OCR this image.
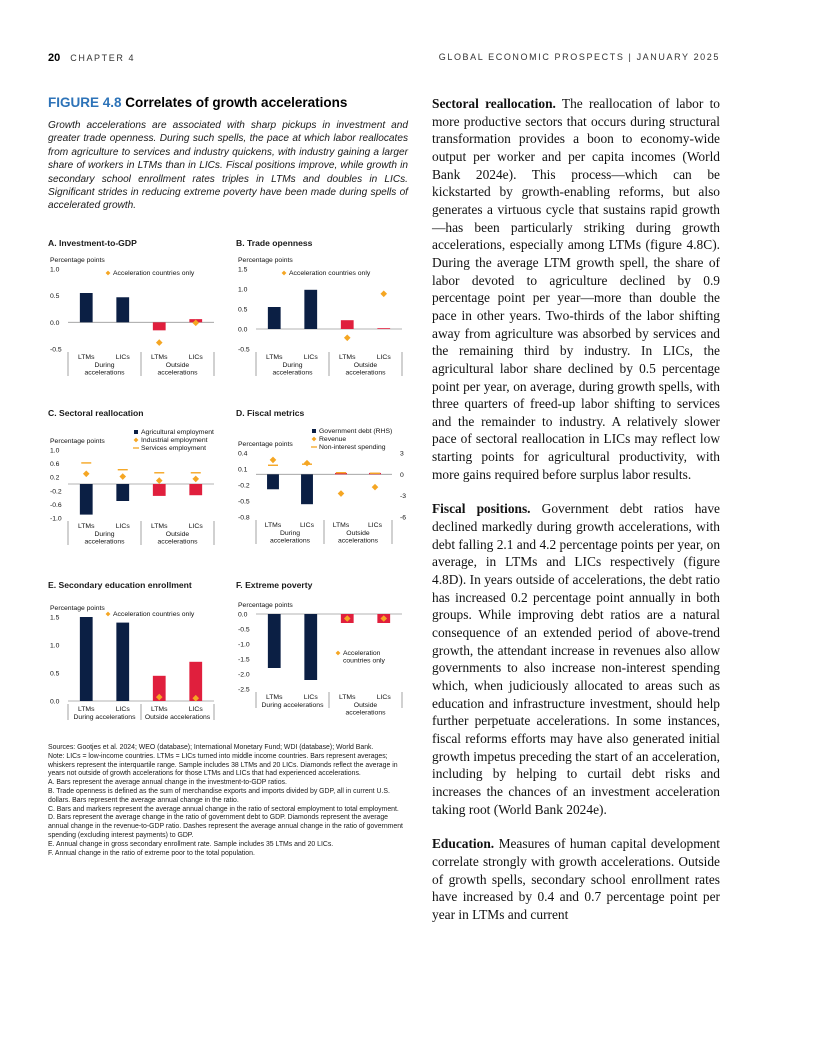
20 CHAPTER 4	GLOBAL ECONOMIC PROSPECTS | JANUARY 2025
FIGURE 4.8 Correlates of growth accelerations
Growth accelerations are associated with sharp pickups in investment and greater trade openness. During such spells, the pace at which labor reallocates from agriculture to services and industry quickens, with industry gaining a larger share of workers in LTMs than in LICs. Fiscal positions improve, while growth in secondary school enrollment rates triples in LTMs and doubles in LICs. Significant strides in reducing extreme poverty have been made during spells of accelerated growth.
A. Investment-to-GDP
Percentage points
1.0
0.5
0.0
-0.5
LTMs	LICs	LTMs	LICs
During
accelerations
Outside
accelerations
Acceleration countries only
B. Trade openness
Percentage points
1.5
1.0
0.5
0.0
-0.5
LTMs	LICs	LTMs	LICs
During
accelerations
Outside
accelerations
Acceleration countries only
C. Sectoral reallocation
Percentage points
1.0
0.6
0.2
-0.2
-0.6
-1.0
LTMs	LICs	LTMs	LICs
During
accelerations
Outside
accelerations
Agricultural employment
Industrial employment
Services employment
D. Fiscal metrics
Percentage points
0.4
0.1
-0.2
-0.5
-0.8
3
0
-3
-6
LTMs	LICs	LTMs	LICs
During
accelerations
Outside
accelerations
Government debt (RHS)
Revenue
Non-interest spending
E. Secondary education enrollment
Percentage points
1.5
1.0
0.5
0.0
LTMs	LICs	LTMs	LICs
During accelerations Outside accelerations
Acceleration countries only
F. Extreme poverty
Percentage points
0.0
-0.5
-1.0
-1.5
-2.0
-2.5
LTMs	LICs	LTMs	LICs
During accelerations	Outside
accelerations
Acceleration
countries only

Sources: Gootjes et al. 2024; WEO (database); International Monetary Fund; WDI (database); World Bank.

Note: LICs = low-income countries. LTMs = LICs turned into middle income countries. Bars represent averages; whiskers represent the interquartile range. Sample includes 38 LTMs and 20 LICs. Diamonds reflect the average in years not outside of growth accelerations for those LTMs and LICs that had experienced accelerations.

A. Bars represent the average annual change in the investment-to-GDP ratios.

B. Trade openness is defined as the sum of merchandise exports and imports divided by GDP, all in current U.S. dollars. Bars represent the average annual change in the ratio.

C. Bars and markers represent the average annual change in the ratio of sectoral employment to total employment.

D. Bars represent the average change in the ratio of government debt to GDP. Diamonds represent the average annual change in the revenue-to-GDP ratio. Dashes represent the average annual change in the ratio of government spending (excluding interest payments) to GDP.

E. Annual change in gross secondary enrollment rate. Sample includes 35 LTMs and 20 LICs.

F. Annual change in the ratio of extreme poor to the total population.

Sectoral reallocation. The reallocation of labor to more productive sectors that occurs during structural transformation provides a boon to economy-wide output per worker and per capita incomes (World Bank 2024e). This process—which can be kickstarted by growth-enabling reforms, but also generates a virtuous cycle that sustains rapid growth—has been particularly striking during growth accelerations, especially among LTMs (figure 4.8C). During the average LTM growth spell, the share of labor devoted to agriculture declined by 0.9 percentage point per year—more than double the pace in other years. Two-thirds of the labor shifting away from agriculture was absorbed by services and the remaining third by industry. In LICs, the agricultural labor share declined by 0.5 percentage point per year, on average, during growth spells, with three quarters of freed-up labor shifting to services and the remainder to industry. A relatively slower pace of sectoral reallocation in LICs may reflect low starting points for agricultural productivity, with more gains required before surplus labor results.

Fiscal positions. Government debt ratios have declined markedly during growth accelerations, with debt falling 2.1 and 4.2 percentage points per year, on average, in LTMs and LICs respectively (figure 4.8D). In years outside of accelerations, the debt ratio has increased 0.2 percentage point annually in both groups. While improving debt ratios are a natural consequence of an extended period of above-trend growth, the attendant increase in revenues also allow governments to also increase non-interest spending which, when judiciously allocated to areas such as education and infrastructure investment, should help further perpetuate accelerations. In some instances, fiscal reforms efforts may have also generated initial growth impetus preceding the start of an acceleration, including by helping to curtail debt risks and increases the chances of an investment acceleration taking root (World Bank 2024e).

Education. Measures of human capital development correlate strongly with growth accelerations. Outside of growth spells, secondary school enrollment rates have increased by 0.4 and 0.7 percentage point per year in LTMs and current
